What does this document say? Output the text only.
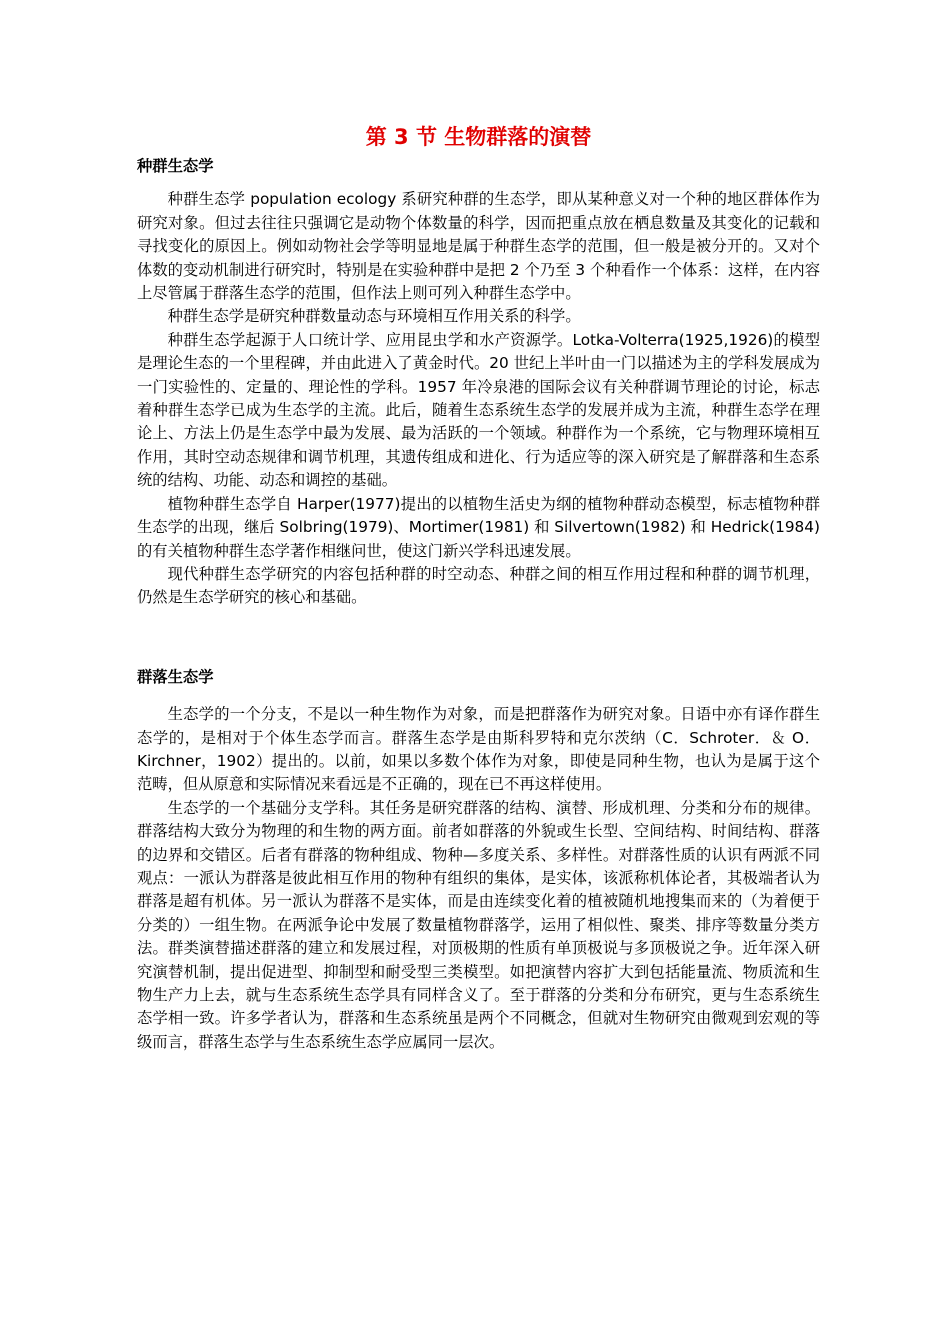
第 3 节 生物群落的演替
种群生态学

种群生态学 population ecology 系研究种群的生态学，即从某种意义对一个种的地区群体作为研究对象。但过去往往只强调它是动物个体数量的科学，因而把重点放在栖息数量及其变化的记载和寻找变化的原因上。例如动物社会学等明显地是属于种群生态学的范围，但一般是被分开的。又对个体数的变动机制进行研究时，特别是在实验种群中是把 2 个乃至 3 个种看作一个体系：这样，在内容上尽管属于群落生态学的范围，但作法上则可列入种群生态学中。

种群生态学是研究种群数量动态与环境相互作用关系的科学。

种群生态学起源于人口统计学、应用昆虫学和水产资源学。Lotka-Volterra(1925,1926)的模型是理论生态的一个里程碑，并由此进入了黄金时代。20 世纪上半叶由一门以描述为主的学科发展成为一门实验性的、定量的、理论性的学科。1957 年冷泉港的国际会议有关种群调节理论的讨论，标志着种群生态学已成为生态学的主流。此后，随着生态系统生态学的发展并成为主流，种群生态学在理论上、方法上仍是生态学中最为发展、最为活跃的一个领域。种群作为一个系统，它与物理环境相互作用，其时空动态规律和调节机理，其遗传组成和进化、行为适应等的深入研究是了解群落和生态系统的结构、功能、动态和调控的基础。

植物种群生态学自 Harper(1977)提出的以植物生活史为纲的植物种群动态模型，标志植物种群生态学的出现，继后 Solbring(1979)、Mortimer(1981) 和 Silvertown(1982) 和 Hedrick(1984)的有关植物种群生态学著作相继问世，使这门新兴学科迅速发展。

现代种群生态学研究的内容包括种群的时空动态、种群之间的相互作用过程和种群的调节机理，仍然是生态学研究的核心和基础。

群落生态学

生态学的一个分支，不是以一种生物作为对象，而是把群落作为研究对象。日语中亦有译作群生态学的，是相对于个体生态学而言。群落生态学是由斯科罗特和克尔茨纳（C．Schroter．＆ O．Kirchner，1902）提出的。以前，如果以多数个体作为对象，即使是同种生物，也认为是属于这个范畴，但从原意和实际情况来看远是不正确的，现在已不再这样使用。

生态学的一个基础分支学科。其任务是研究群落的结构、演替、形成机理、分类和分布的规律。群落结构大致分为物理的和生物的两方面。前者如群落的外貌或生长型、空间结构、时间结构、群落的边界和交错区。后者有群落的物种组成、物种—多度关系、多样性。对群落性质的认识有两派不同观点：一派认为群落是彼此相互作用的物种有组织的集体，是实体，该派称机体论者，其极端者认为群落是超有机体。另一派认为群落不是实体，而是由连续变化着的植被随机地搜集而来的（为着便于分类的）一组生物。在两派争论中发展了数量植物群落学，运用了相似性、聚类、排序等数量分类方法。群类演替描述群落的建立和发展过程，对顶极期的性质有单顶极说与多顶极说之争。近年深入研究演替机制，提出促进型、抑制型和耐受型三类模型。如把演替内容扩大到包括能量流、物质流和生物生产力上去，就与生态系统生态学具有同样含义了。至于群落的分类和分布研究，更与生态系统生态学相一致。许多学者认为，群落和生态系统虽是两个不同概念，但就对生物研究由微观到宏观的等级而言，群落生态学与生态系统生态学应属同一层次。
